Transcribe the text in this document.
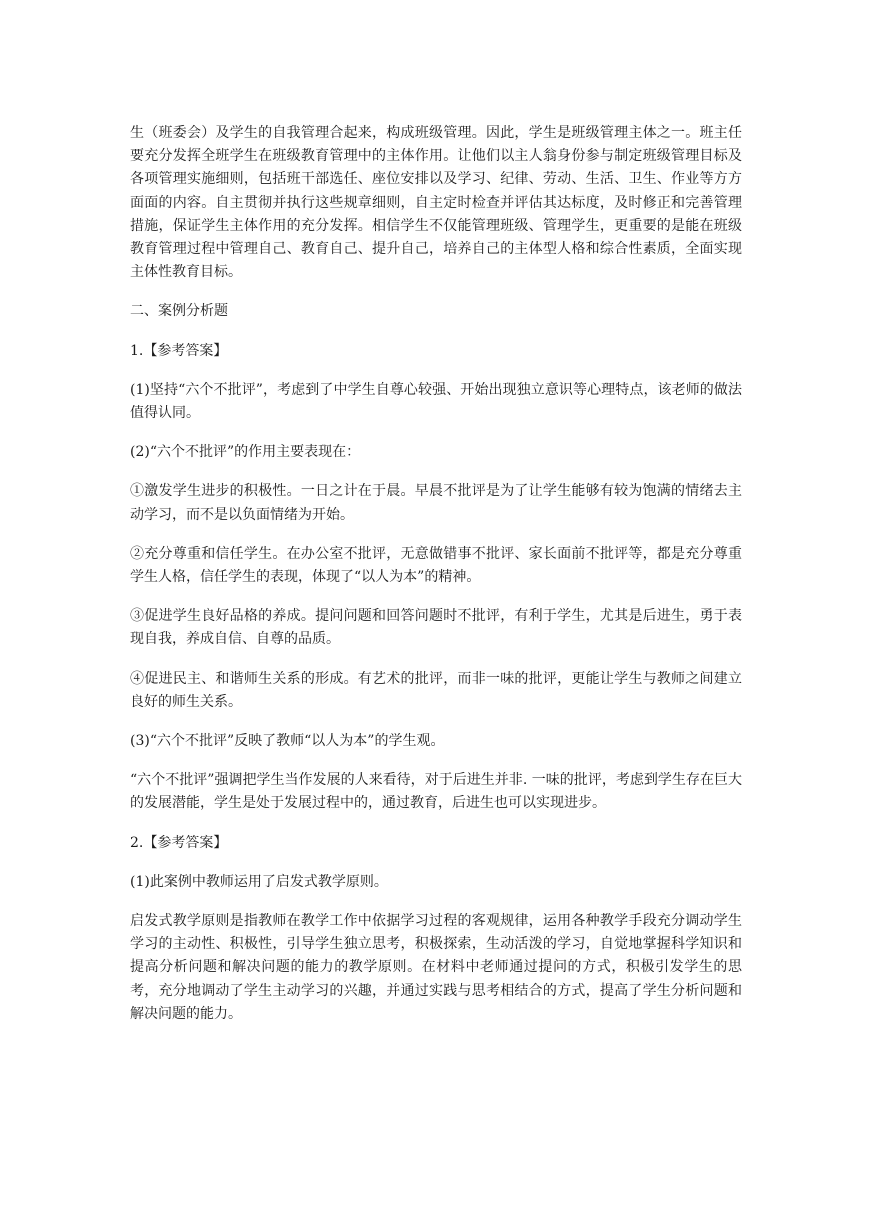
生（班委会）及学生的自我管理合起来，构成班级管理。因此，学生是班级管理主体之一。班主任要充分发挥全班学生在班级教育管理中的主体作用。让他们以主人翁身份参与制定班级管理目标及各项管理实施细则，包括班干部选任、座位安排以及学习、纪律、劳动、生活、卫生、作业等方方面面的内容。自主贯彻并执行这些规章细则，自主定时检查并评估其达标度，及时修正和完善管理措施，保证学生主体作用的充分发挥。相信学生不仅能管理班级、管理学生，更重要的是能在班级教育管理过程中管理自己、教育自己、提升自己，培养自己的主体型人格和综合性素质，全面实现主体性教育目标。

二、案例分析题

1.【参考答案】

(1)坚持“六个不批评”，考虑到了中学生自尊心较强、开始出现独立意识等心理特点，该老师的做法值得认同。

(2)“六个不批评”的作用主要表现在：

①激发学生进步的积极性。一日之计在于晨。早晨不批评是为了让学生能够有较为饱满的情绪去主动学习，而不是以负面情绪为开始。

②充分尊重和信任学生。在办公室不批评，无意做错事不批评、家长面前不批评等，都是充分尊重学生人格，信任学生的表现，体现了“以人为本”的精神。

③促进学生良好品格的养成。提问问题和回答问题时不批评，有利于学生，尤其是后进生，勇于表现自我，养成自信、自尊的品质。

④促进民主、和谐师生关系的形成。有艺术的批评，而非一味的批评，更能让学生与教师之间建立良好的师生关系。

(3)“六个不批评”反映了教师“以人为本”的学生观。

“六个不批评”强调把学生当作发展的人来看待，对于后进生并非. 一味的批评，考虑到学生存在巨大的发展潜能，学生是处于发展过程中的，通过教育，后进生也可以实现进步。

2.【参考答案】

(1)此案例中教师运用了启发式教学原则。

启发式教学原则是指教师在教学工作中依据学习过程的客观规律，运用各种教学手段充分调动学生学习的主动性、积极性，引导学生独立思考，积极探索，生动活泼的学习，自觉地掌握科学知识和提高分析问题和解决问题的能力的教学原则。在材料中老师通过提问的方式，积极引发学生的思考，充分地调动了学生主动学习的兴趣，并通过实践与思考相结合的方式，提高了学生分析问题和解决问题的能力。
